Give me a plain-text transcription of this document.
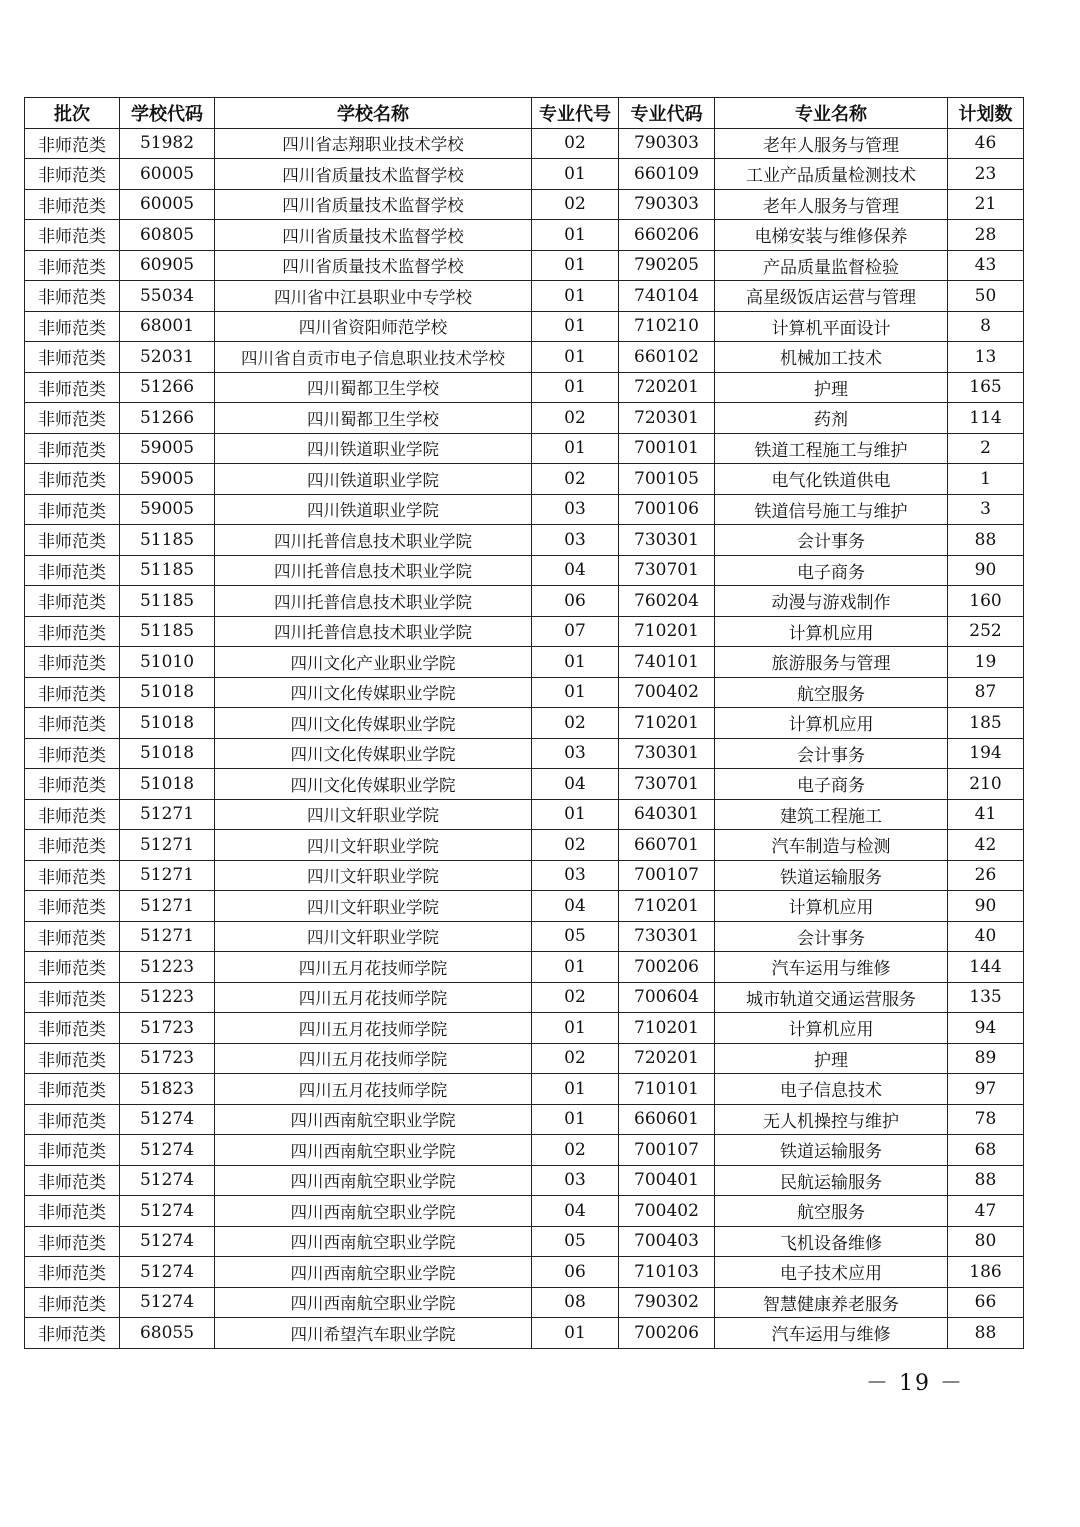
批次	学校代码	学校名称	专业代号	专业代码	专业名称	计划数
非师范类	51982	四川省志翔职业技术学校	02	790303	老年人服务与管理	46
非师范类	60005	四川省质量技术监督学校	01	660109	工业产品质量检测技术	23
非师范类	60005	四川省质量技术监督学校	02	790303	老年人服务与管理	21
非师范类	60805	四川省质量技术监督学校	01	660206	电梯安装与维修保养	28
非师范类	60905	四川省质量技术监督学校	01	790205	产品质量监督检验	43
非师范类	55034	四川省中江县职业中专学校	01	740104	高星级饭店运营与管理	50
非师范类	68001	四川省资阳师范学校	01	710210	计算机平面设计	8
非师范类	52031	四川省自贡市电子信息职业技术学校	01	660102	机械加工技术	13
非师范类	51266	四川蜀都卫生学校	01	720201	护理	165
非师范类	51266	四川蜀都卫生学校	02	720301	药剂	114
非师范类	59005	四川铁道职业学院	01	700101	铁道工程施工与维护	2
非师范类	59005	四川铁道职业学院	02	700105	电气化铁道供电	1
非师范类	59005	四川铁道职业学院	03	700106	铁道信号施工与维护	3
非师范类	51185	四川托普信息技术职业学院	03	730301	会计事务	88
非师范类	51185	四川托普信息技术职业学院	04	730701	电子商务	90
非师范类	51185	四川托普信息技术职业学院	06	760204	动漫与游戏制作	160
非师范类	51185	四川托普信息技术职业学院	07	710201	计算机应用	252
非师范类	51010	四川文化产业职业学院	01	740101	旅游服务与管理	19
非师范类	51018	四川文化传媒职业学院	01	700402	航空服务	87
非师范类	51018	四川文化传媒职业学院	02	710201	计算机应用	185
非师范类	51018	四川文化传媒职业学院	03	730301	会计事务	194
非师范类	51018	四川文化传媒职业学院	04	730701	电子商务	210
非师范类	51271	四川文轩职业学院	01	640301	建筑工程施工	41
非师范类	51271	四川文轩职业学院	02	660701	汽车制造与检测	42
非师范类	51271	四川文轩职业学院	03	700107	铁道运输服务	26
非师范类	51271	四川文轩职业学院	04	710201	计算机应用	90
非师范类	51271	四川文轩职业学院	05	730301	会计事务	40
非师范类	51223	四川五月花技师学院	01	700206	汽车运用与维修	144
非师范类	51223	四川五月花技师学院	02	700604	城市轨道交通运营服务	135
非师范类	51723	四川五月花技师学院	01	710201	计算机应用	94
非师范类	51723	四川五月花技师学院	02	720201	护理	89
非师范类	51823	四川五月花技师学院	01	710101	电子信息技术	97
非师范类	51274	四川西南航空职业学院	01	660601	无人机操控与维护	78
非师范类	51274	四川西南航空职业学院	02	700107	铁道运输服务	68
非师范类	51274	四川西南航空职业学院	03	700401	民航运输服务	88
非师范类	51274	四川西南航空职业学院	04	700402	航空服务	47
非师范类	51274	四川西南航空职业学院	05	700403	飞机设备维修	80
非师范类	51274	四川西南航空职业学院	06	710103	电子技术应用	186
非师范类	51274	四川西南航空职业学院	08	790302	智慧健康养老服务	66
非师范类	68055	四川希望汽车职业学院	01	700206	汽车运用与维修	88
－ 19 －
